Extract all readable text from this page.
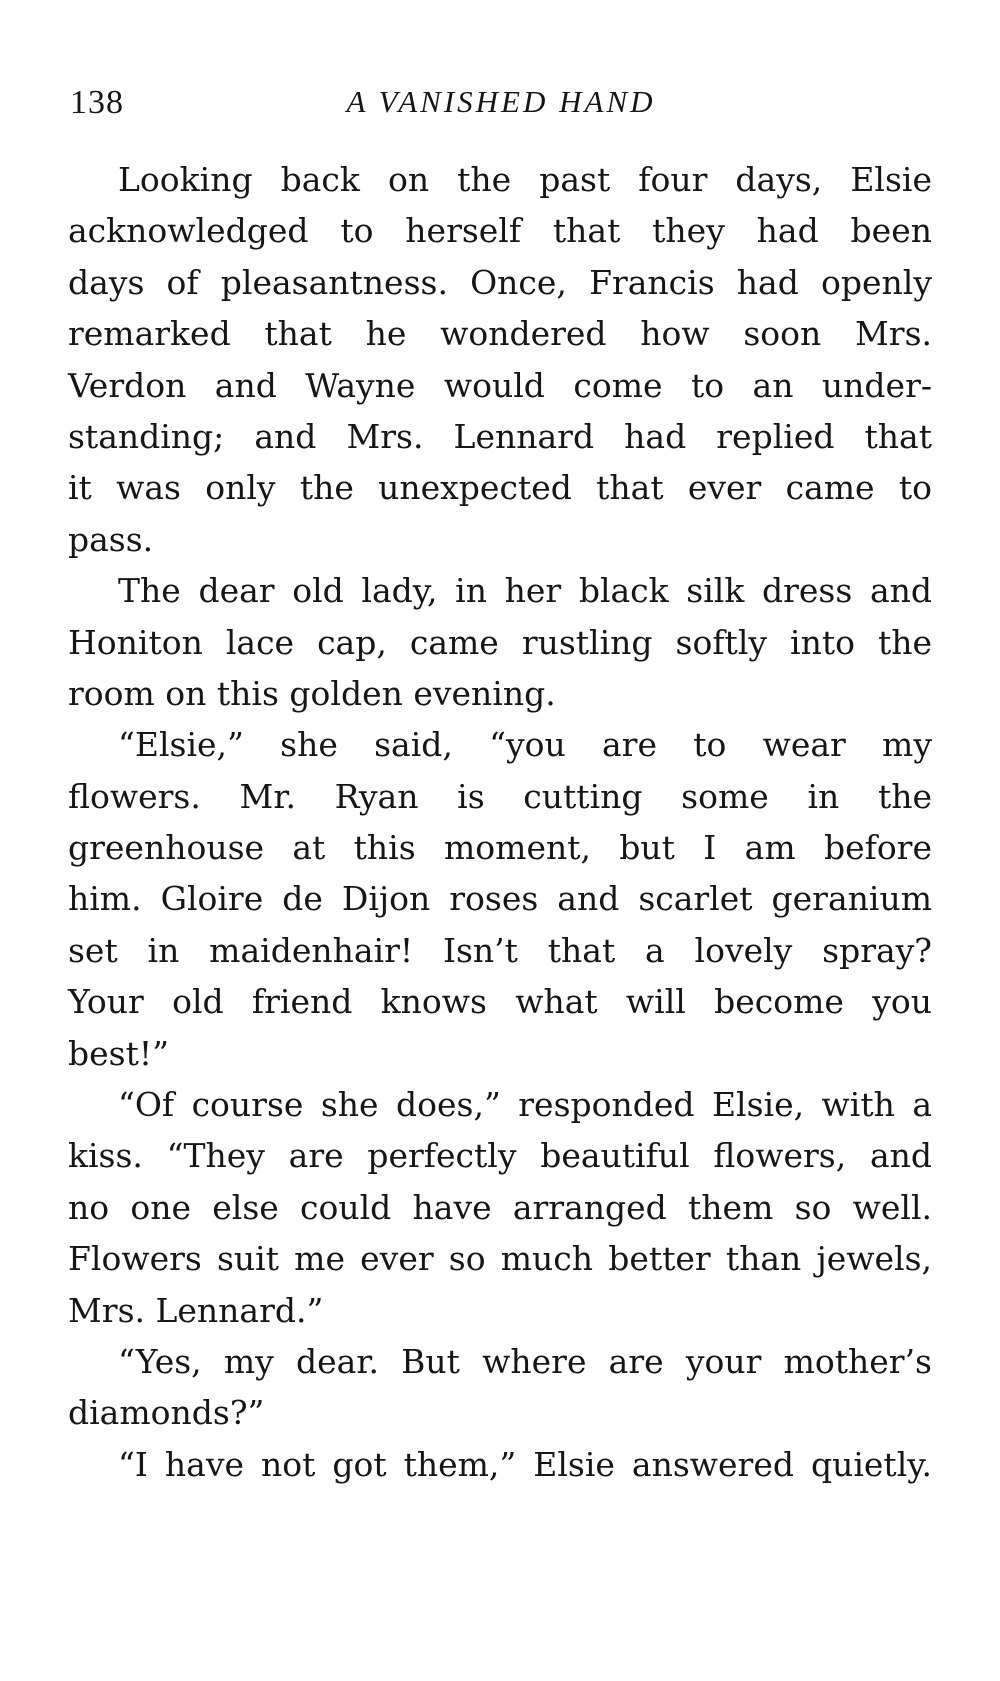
138	A VANISHED HAND
Looking back on the past four days, Elsie
acknowledged to herself that they had been
days of pleasantness. Once, Francis had openly
remarked that he wondered how soon Mrs.
Verdon and Wayne would come to an under-
standing; and Mrs. Lennard had replied that
it was only the unexpected that ever came to
pass.
The dear old lady, in her black silk dress and
Honiton lace cap, came rustling softly into the
room on this golden evening.
“Elsie,” she said, “you are to wear my
flowers. Mr. Ryan is cutting some in the
greenhouse at this moment, but I am before
him. Gloire de Dijon roses and scarlet geranium
set in maidenhair! Isn’t that a lovely spray?
Your old friend knows what will become you
best!”
“Of course she does,” responded Elsie, with a
kiss. “They are perfectly beautiful flowers, and
no one else could have arranged them so well.
Flowers suit me ever so much better than jewels,
Mrs. Lennard.”
“Yes, my dear. But where are your mother’s
diamonds?”
“I have not got them,” Elsie answered quietly.
